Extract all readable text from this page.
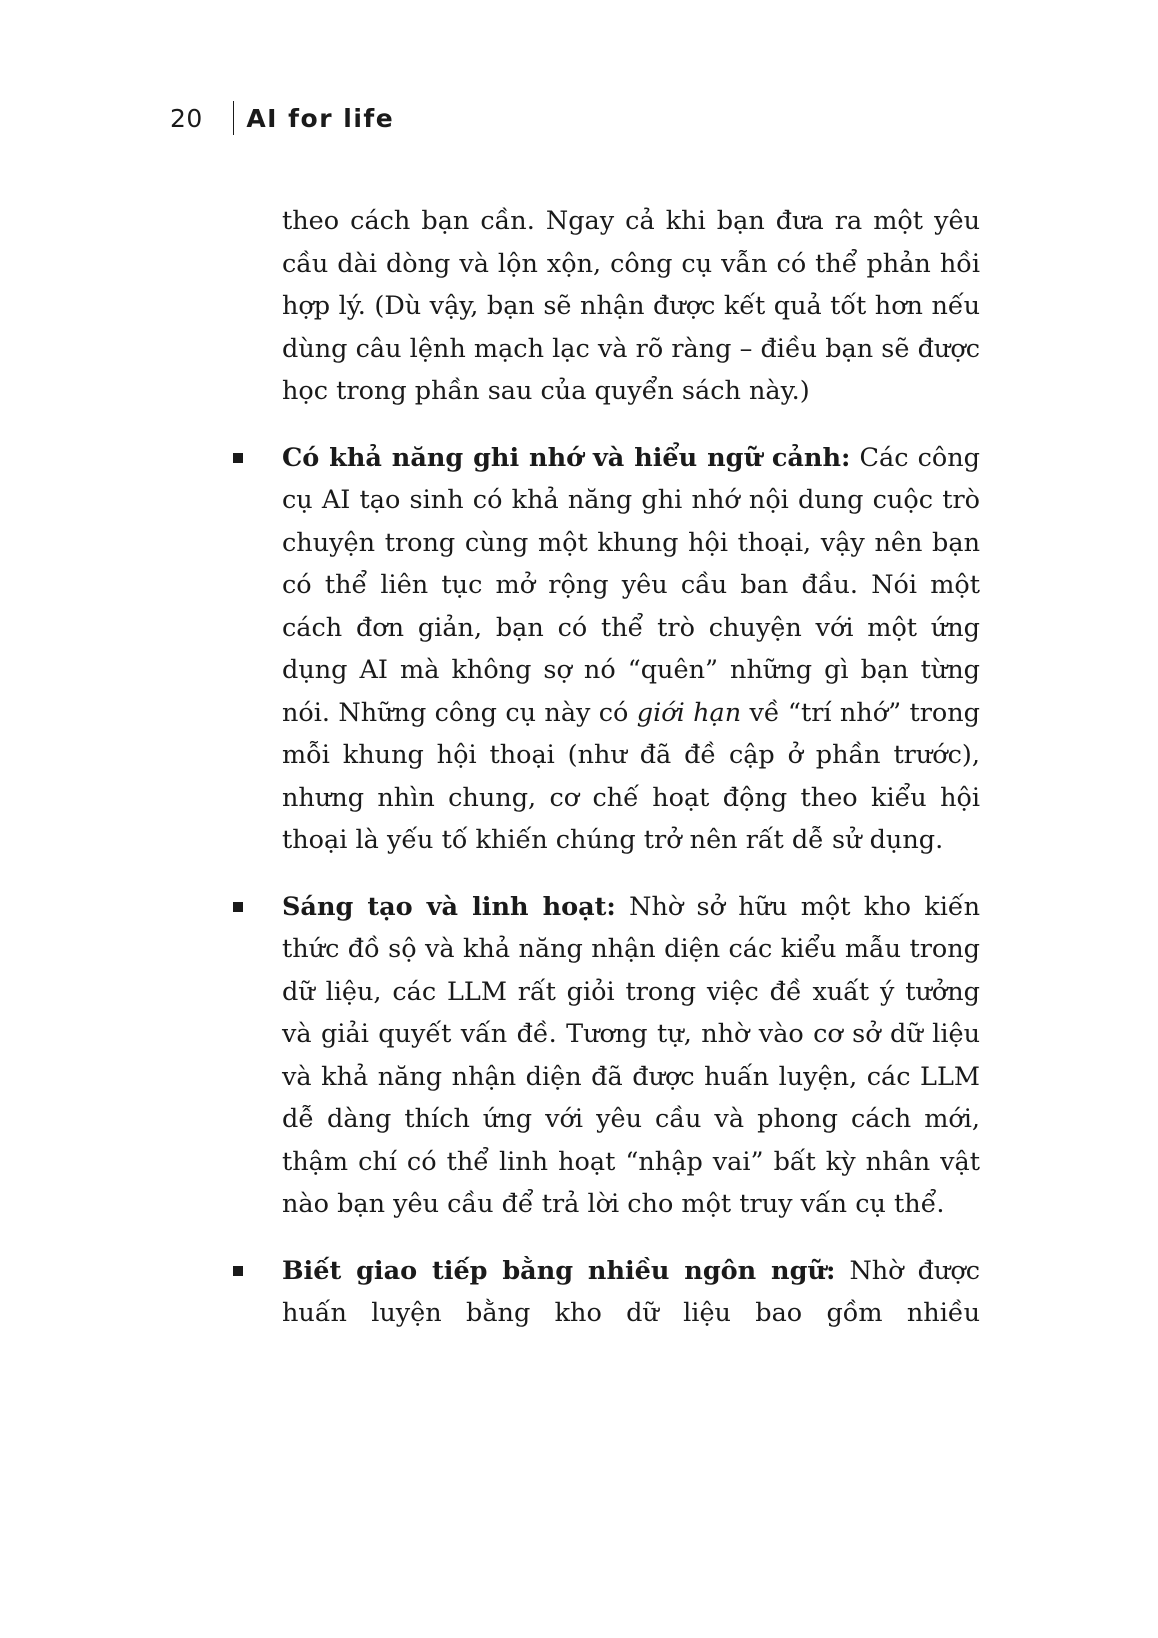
20 AI for life

theo cách bạn cần. Ngay cả khi bạn đưa ra một yêu cầu dài dòng và lộn xộn, công cụ vẫn có thể phản hồi hợp lý. (Dù vậy, bạn sẽ nhận được kết quả tốt hơn nếu dùng câu lệnh mạch lạc và rõ ràng – điều bạn sẽ được học trong phần sau của quyển sách này.)

Có khả năng ghi nhớ và hiểu ngữ cảnh: Các công cụ AI tạo sinh có khả năng ghi nhớ nội dung cuộc trò chuyện trong cùng một khung hội thoại, vậy nên bạn có thể liên tục mở rộng yêu cầu ban đầu. Nói một cách đơn giản, bạn có thể trò chuyện với một ứng dụng AI mà không sợ nó “quên” những gì bạn từng nói. Những công cụ này có giới hạn về “trí nhớ” trong mỗi khung hội thoại (như đã đề cập ở phần trước), nhưng nhìn chung, cơ chế hoạt động theo kiểu hội thoại là yếu tố khiến chúng trở nên rất dễ sử dụng.
Sáng tạo và linh hoạt: Nhờ sở hữu một kho kiến thức đồ sộ và khả năng nhận diện các kiểu mẫu trong dữ liệu, các LLM rất giỏi trong việc đề xuất ý tưởng và giải quyết vấn đề. Tương tự, nhờ vào cơ sở dữ liệu và khả năng nhận diện đã được huấn luyện, các LLM dễ dàng thích ứng với yêu cầu và phong cách mới, thậm chí có thể linh hoạt “nhập vai” bất kỳ nhân vật nào bạn yêu cầu để trả lời cho một truy vấn cụ thể.
Biết giao tiếp bằng nhiều ngôn ngữ: Nhờ được huấn luyện bằng kho dữ liệu bao gồm nhiều
